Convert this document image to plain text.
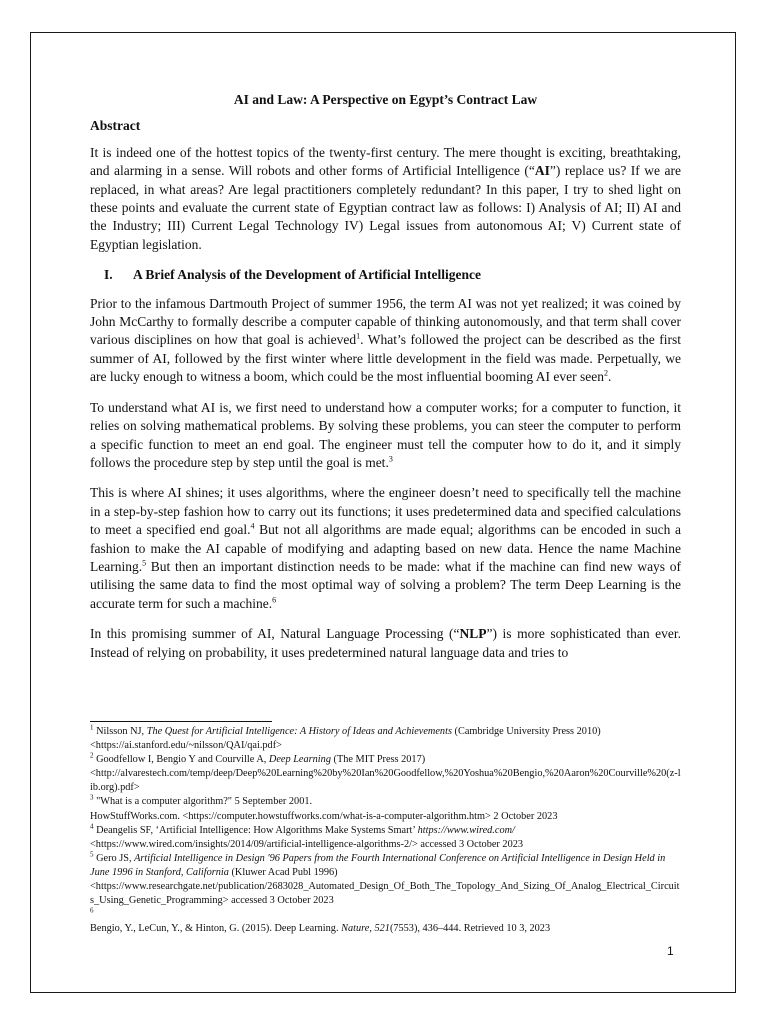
AI and Law: A Perspective on Egypt’s Contract Law
Abstract

It is indeed one of the hottest topics of the twenty-first century. The mere thought is exciting, breathtaking, and alarming in a sense. Will robots and other forms of Artificial Intelligence (“AI”) replace us? If we are replaced, in what areas? Are legal practitioners completely redundant? In this paper, I try to shed light on these points and evaluate the current state of Egyptian contract law as follows: I) Analysis of AI; II) AI and the Industry; III) Current Legal Technology IV) Legal issues from autonomous AI; V) Current state of Egyptian legislation.

I.	A Brief Analysis of the Development of Artificial Intelligence

Prior to the infamous Dartmouth Project of summer 1956, the term AI was not yet realized; it was coined by John McCarthy to formally describe a computer capable of thinking autonomously, and that term shall cover various disciplines on how that goal is achieved$^1$. What’s followed the project can be described as the first summer of AI, followed by the first winter where little development in the field was made. Perpetually, we are lucky enough to witness a boom, which could be the most influential booming AI ever seen$^2$.

To understand what AI is, we first need to understand how a computer works; for a computer to function, it relies on solving mathematical problems. By solving these problems, you can steer the computer to perform a specific function to meet an end goal. The engineer must tell the computer how to do it, and it simply follows the procedure step by step until the goal is met.$^3$

This is where AI shines; it uses algorithms, where the engineer doesn’t need to specifically tell the machine in a step-by-step fashion how to carry out its functions; it uses predetermined data and specified calculations to meet a specified end goal.$^4$ But not all algorithms are made equal; algorithms can be encoded in such a fashion to make the AI capable of modifying and adapting based on new data. Hence the name Machine Learning.$^5$ But then an important distinction needs to be made: what if the machine can find new ways of utilising the same data to find the most optimal way of solving a problem? The term Deep Learning is the accurate term for such a machine.$^6$

In this promising summer of AI, Natural Language Processing (“NLP”) is more sophisticated than ever. Instead of relying on probability, it uses predetermined natural language data and tries to

$^1$ Nilsson NJ, The Quest for Artificial Intelligence: A History of Ideas and Achievements (Cambridge University Press 2010)
<https://ai.stanford.edu/~nilsson/QAI/qai.pdf>

$^2$ Goodfellow I, Bengio Y and Courville A, Deep Learning (The MIT Press 2017)
<http://alvarestech.com/temp/deep/Deep%20Learning%20by%20Ian%20Goodfellow,%20Yoshua%20Bengio,%20Aaron%20Courville%20(z-lib.org).pdf>

$^3$ "What is a computer algorithm?" 5 September 2001.
HowStuffWorks.com. <https://computer.howstuffworks.com/what-is-a-computer-algorithm.htm> 2 October 2023

$^4$ Deangelis SF, ‘Artificial Intelligence: How Algorithms Make Systems Smart’ https://www.wired.com/
<https://www.wired.com/insights/2014/09/artificial-intelligence-algorithms-2/> accessed 3 October 2023

$^5$ Gero JS, Artificial Intelligence in Design '96 Papers from the Fourth International Conference on Artificial Intelligence in Design Held in June 1996 in Stanford, California (Kluwer Acad Publ 1996)
<https://www.researchgate.net/publication/2683028_Automated_Design_Of_Both_The_Topology_And_Sizing_Of_Analog_Electrical_Circuits_Using_Genetic_Programming> accessed 3 October 2023

$^6$
Bengio, Y., LeCun, Y., & Hinton, G. (2015). Deep Learning. Nature, 521(7553), 436–444. Retrieved 10 3, 2023

1
